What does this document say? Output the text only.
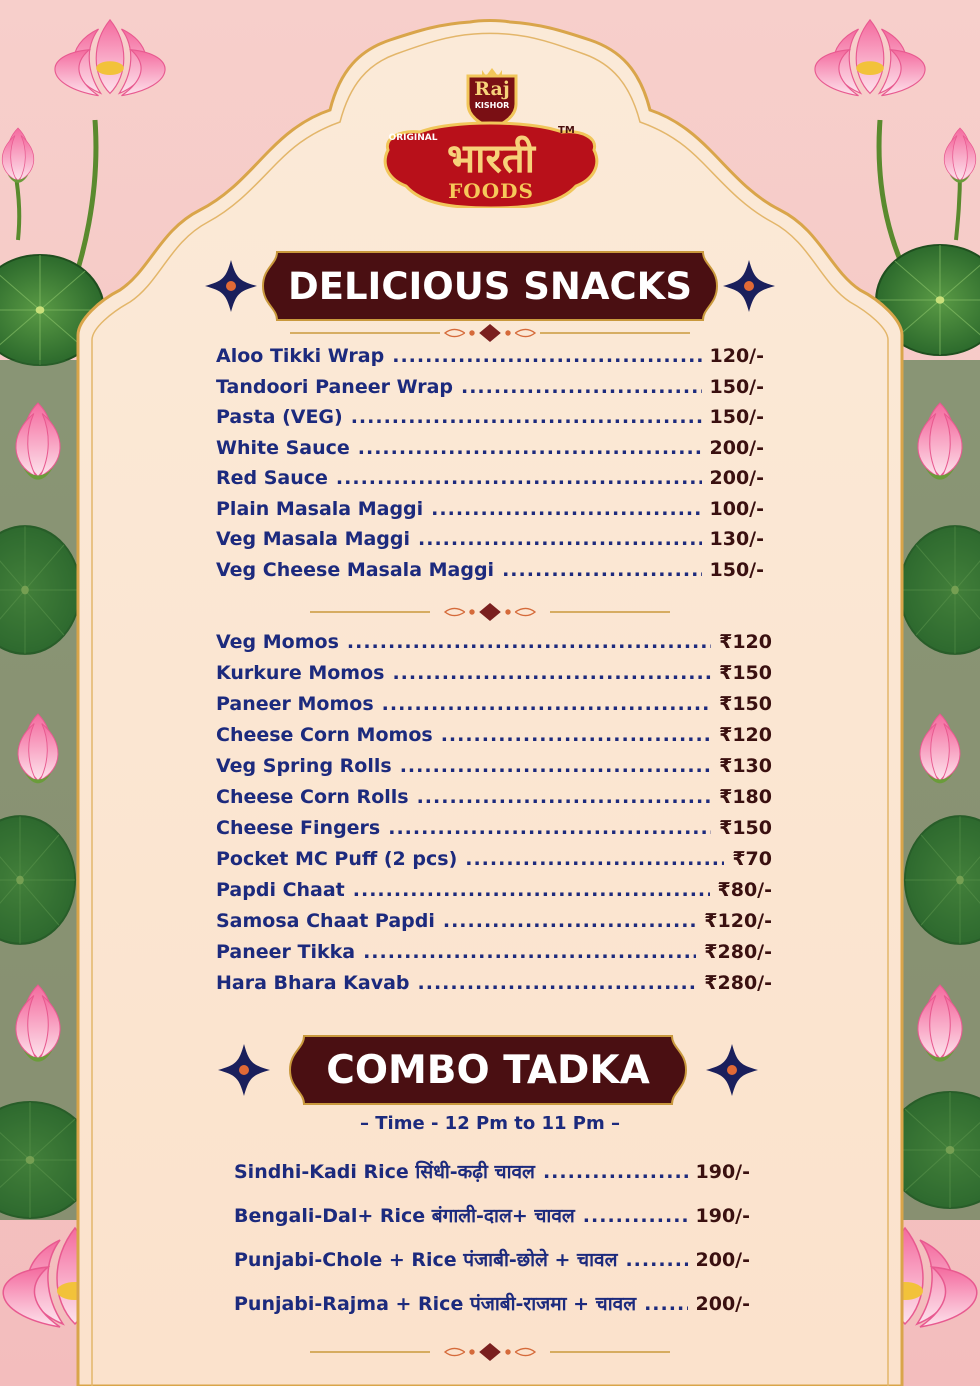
Raj
KISHOR
ORIGINAL
TM
भारती
FOODS
DELICIOUS SNACKS
Aloo Tikki Wrap .....	120/-
Tandoori Paneer Wrap .....	150/-
Pasta (VEG) .....	150/-
White Sauce .....	200/-
Red Sauce .....	200/-
Plain Masala Maggi .....	100/-
Veg Masala Maggi .....	130/-
Veg Cheese Masala Maggi .....	150/-
Veg Momos .....	₹120
Kurkure Momos .....	₹150
Paneer Momos .....	₹150
Cheese Corn Momos .....	₹120
Veg Spring Rolls .....	₹130
Cheese Corn Rolls .....	₹180
Cheese Fingers .....	₹150
Pocket MC Puff (2 pcs) .....	₹70
Papdi Chaat .....	₹80/-
Samosa Chaat Papdi .....	₹120/-
Paneer Tikka .....	₹280/-
Hara Bhara Kavab .....	₹280/-
COMBO TADKA
– Time - 12 Pm to 11 Pm –
Sindhi-Kadi Rice सिंधी-कढ़ी चावल .....	190/-
Bengali-Dal+ Rice बंगाली-दाल+ चावल .....	190/-
Punjabi-Chole + Rice पंजाबी-छोले + चावल .....	200/-
Punjabi-Rajma + Rice पंजाबी-राजमा + चावल .....	200/-
